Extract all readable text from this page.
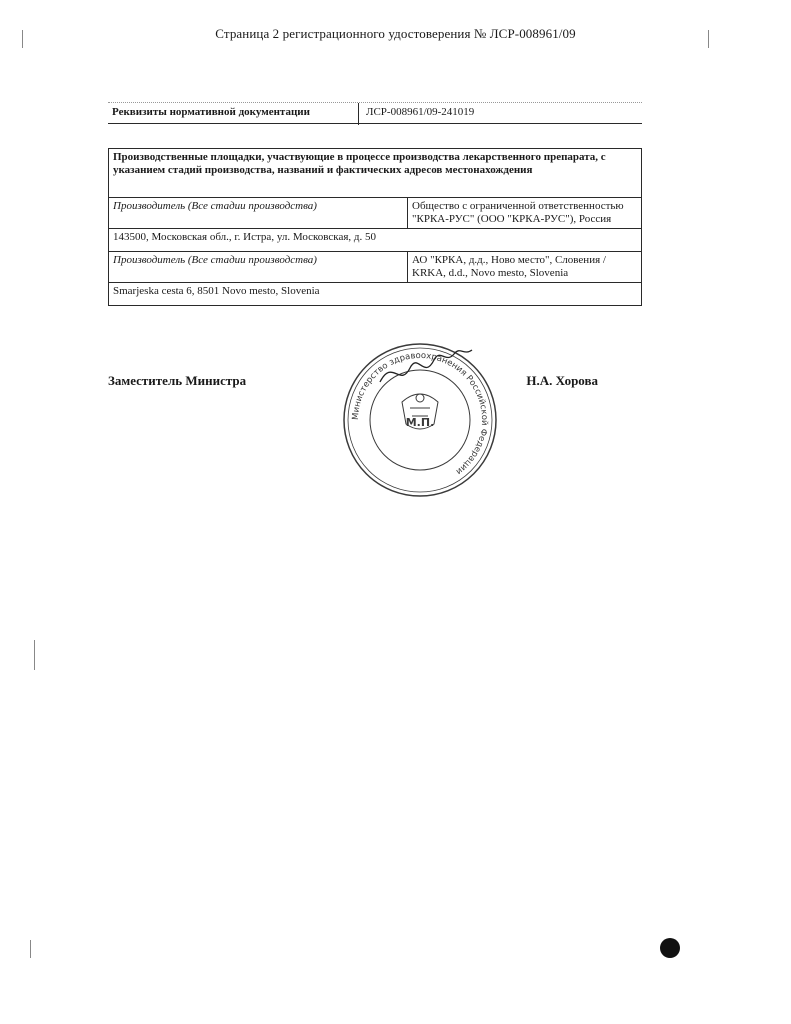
Страница 2 регистрационного удостоверения № ЛСР-008961/09
Реквизиты нормативной документации	ЛСР-008961/09-241019
Производственные площадки, участвующие в процессе производства лекарственного препарата, с указанием стадий производства, названий и фактических адресов местонахождения	
Производитель (Все стадии производства)	Общество с ограниченной ответственностью "КРКА-РУС" (ООО "КРКА-РУС"), Россия
143500, Московская обл., г. Истра, ул. Московская, д. 50	
Производитель (Все стадии производства)	АО "КРКА, д.д., Ново место", Словения / KRKA, d.d., Novo mesto, Slovenia
Smarjeska cesta 6, 8501 Novo mesto, Slovenia	
Министерство здравоохранения Российской Федерации
М.П.
Заместитель Министра	Н.А. Хорова
